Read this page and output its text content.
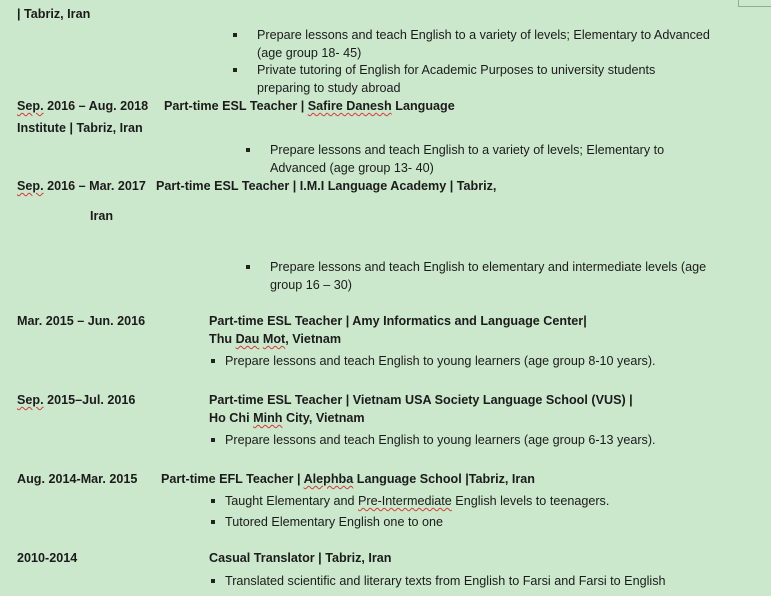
| Tabriz, Iran
Prepare lessons and teach English to a variety of levels; Elementary to Advanced
(age group 18- 45)
Private tutoring of English for Academic Purposes to university students
preparing to study abroad
Sep. 2016 – Aug. 2018 Part-time ESL Teacher | Safire Danesh Language
Institute | Tabriz, Iran
Prepare lessons and teach English to a variety of levels; Elementary to
Advanced (age group 13- 40)
Sep. 2016 – Mar. 2017 Part-time ESL Teacher | I.M.I Language Academy | Tabriz,
Iran
Prepare lessons and teach English to elementary and intermediate levels (age
group 16 – 30)
Mar. 2015 – Jun. 2016	Part-time ESL Teacher | Amy Informatics and Language Center|
Thu Dau Mot, Vietnam
Prepare lessons and teach English to young learners (age group 8-10 years).
Sep. 2015–Jul. 2016	Part-time ESL Teacher | Vietnam USA Society Language School (VUS) |
Ho Chi Minh City, Vietnam
Prepare lessons and teach English to young learners (age group 6-13 years).
Aug. 2014-Mar. 2015 Part-time EFL Teacher | Alephba Language School |Tabriz, Iran
Taught Elementary and Pre-Intermediate English levels to teenagers.
Tutored Elementary English one to one
2010-2014	Casual Translator | Tabriz, Iran
Translated scientific and literary texts from English to Farsi and Farsi to English
